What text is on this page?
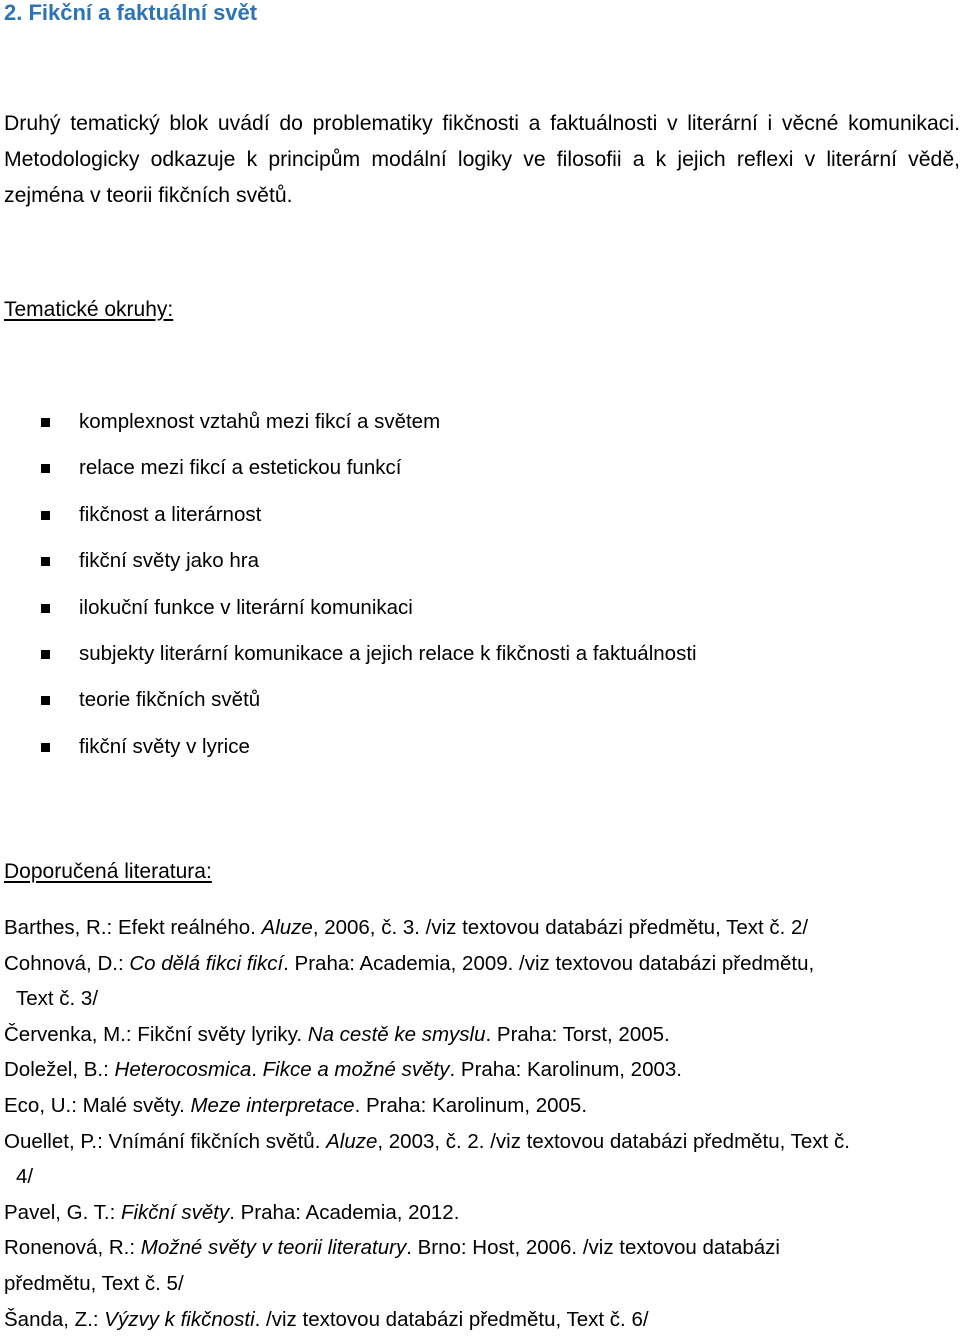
2. Fikční a faktuální svět

Druhý tematický blok uvádí do problematiky fikčnosti a faktuálnosti v literární i věcné komunikaci. Metodologicky odkazuje k principům modální logiky ve filosofii a k jejich reflexi v literární vědě, zejména v teorii fikčních světů.

Tematické okruhy:

komplexnost vztahů mezi fikcí a světem
relace mezi fikcí a estetickou funkcí
fikčnost a literárnost
fikční světy jako hra
ilokuční funkce v literární komunikaci
subjekty literární komunikace a jejich relace k fikčnosti a faktuálnosti
teorie fikčních světů
fikční světy v lyrice

Doporučená literatura:

Barthes, R.: Efekt reálného. Aluze, 2006, č. 3. /viz textovou databázi předmětu, Text č. 2/
Cohnová, D.: Co dělá fikci fikcí. Praha: Academia, 2009. /viz textovou databázi předmětu,
Text č. 3/
Červenka, M.: Fikční světy lyriky. Na cestě ke smyslu. Praha: Torst, 2005.
Doležel, B.: Heterocosmica. Fikce a možné světy. Praha: Karolinum, 2003.
Eco, U.: Malé světy. Meze interpretace. Praha: Karolinum, 2005.
Ouellet, P.: Vnímání fikčních světů. Aluze, 2003, č. 2. /viz textovou databázi předmětu, Text č.
4/
Pavel, G. T.: Fikční světy. Praha: Academia, 2012.
Ronenová, R.: Možné světy v teorii literatury. Brno: Host, 2006. /viz textovou databázi
předmětu, Text č. 5/
Šanda, Z.: Výzvy k fikčnosti. /viz textovou databázi předmětu, Text č. 6/
